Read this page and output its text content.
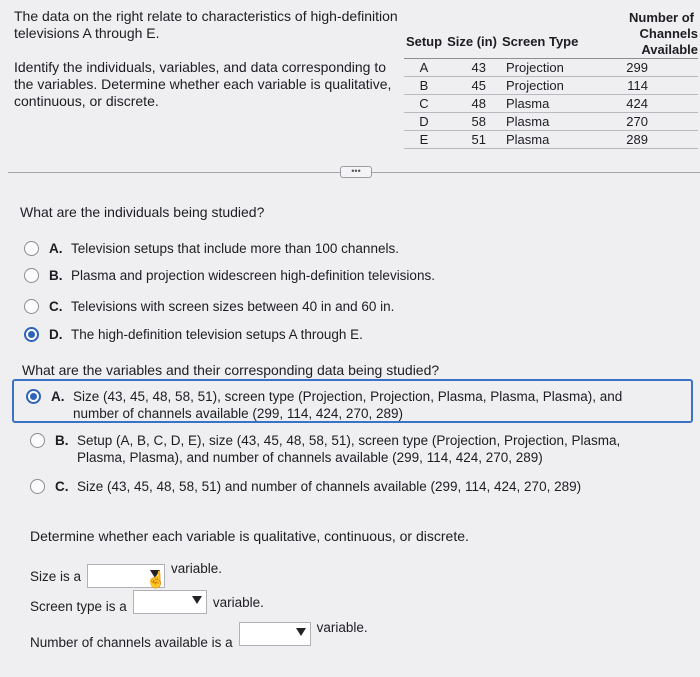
The data on the right relate to characteristics of high-definition televisions A through E.

Identify the individuals, variables, and data corresponding to the variables. Determine whether each variable is qualitative, continuous, or discrete.

Number of			
Setup	Size (in)	Screen Type	Channels Available
A	43	Projection	299
B	45	Projection	114
C	48	Plasma	424
D	58	Plasma	270
E	51	Plasma	289
•••
What are the individuals being studied?
A. Television setups that include more than 100 channels.
B. Plasma and projection widescreen high-definition televisions.
C. Televisions with screen sizes between 40 in and 60 in.
D. The high-definition television setups A through E.
What are the variables and their corresponding data being studied?
A. Size (43, 45, 48, 58, 51), screen type (Projection, Projection, Plasma, Plasma, Plasma), and number of channels available (299, 114, 424, 270, 289)
B. Setup (A, B, C, D, E), size (43, 45, 48, 58, 51), screen type (Projection, Projection, Plasma, Plasma, Plasma), and number of channels available (299, 114, 424, 270, 289)
C. Size (43, 45, 48, 58, 51) and number of channels available (299, 114, 424, 270, 289)
Determine whether each variable is qualitative, continuous, or discrete.
Size is a	☝
variable.
Screen type is a	variable.
Number of channels available is a
variable.
